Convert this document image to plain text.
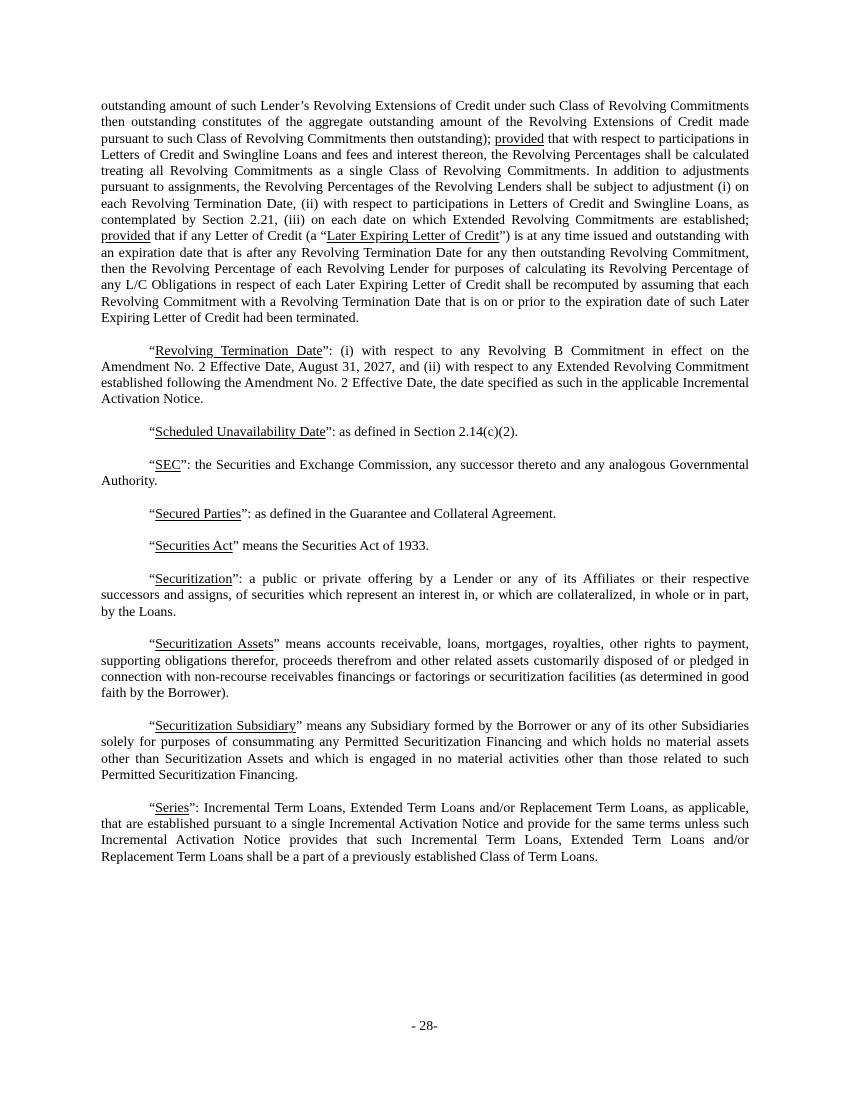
outstanding amount of such Lender’s Revolving Extensions of Credit under such Class of Revolving Commitments then outstanding constitutes of the aggregate outstanding amount of the Revolving Extensions of Credit made pursuant to such Class of Revolving Commitments then outstanding); provided that with respect to participations in Letters of Credit and Swingline Loans and fees and interest thereon, the Revolving Percentages shall be calculated treating all Revolving Commitments as a single Class of Revolving Commitments. In addition to adjustments pursuant to assignments, the Revolving Percentages of the Revolving Lenders shall be subject to adjustment (i) on each Revolving Termination Date, (ii) with respect to participations in Letters of Credit and Swingline Loans, as contemplated by Section 2.21, (iii) on each date on which Extended Revolving Commitments are established; provided that if any Letter of Credit (a “Later Expiring Letter of Credit”) is at any time issued and outstanding with an expiration date that is after any Revolving Termination Date for any then outstanding Revolving Commitment, then the Revolving Percentage of each Revolving Lender for purposes of calculating its Revolving Percentage of any L/C Obligations in respect of each Later Expiring Letter of Credit shall be recomputed by assuming that each Revolving Commitment with a Revolving Termination Date that is on or prior to the expiration date of such Later Expiring Letter of Credit had been terminated.

“Revolving Termination Date”: (i) with respect to any Revolving B Commitment in effect on the Amendment No. 2 Effective Date, August 31, 2027, and (ii) with respect to any Extended Revolving Commitment established following the Amendment No. 2 Effective Date, the date specified as such in the applicable Incremental Activation Notice.

“Scheduled Unavailability Date”: as defined in Section 2.14(c)(2).

“SEC”: the Securities and Exchange Commission, any successor thereto and any analogous Governmental Authority.

“Secured Parties”: as defined in the Guarantee and Collateral Agreement.

“Securities Act” means the Securities Act of 1933.

“Securitization”: a public or private offering by a Lender or any of its Affiliates or their respective successors and assigns, of securities which represent an interest in, or which are collateralized, in whole or in part, by the Loans.

“Securitization Assets” means accounts receivable, loans, mortgages, royalties, other rights to payment, supporting obligations therefor, proceeds therefrom and other related assets customarily disposed of or pledged in connection with non-recourse receivables financings or factorings or securitization facilities (as determined in good faith by the Borrower).

“Securitization Subsidiary” means any Subsidiary formed by the Borrower or any of its other Subsidiaries solely for purposes of consummating any Permitted Securitization Financing and which holds no material assets other than Securitization Assets and which is engaged in no material activities other than those related to such Permitted Securitization Financing.

“Series”: Incremental Term Loans, Extended Term Loans and/or Replacement Term Loans, as applicable, that are established pursuant to a single Incremental Activation Notice and provide for the same terms unless such Incremental Activation Notice provides that such Incremental Term Loans, Extended Term Loans and/or Replacement Term Loans shall be a part of a previously established Class of Term Loans.

- 28-
